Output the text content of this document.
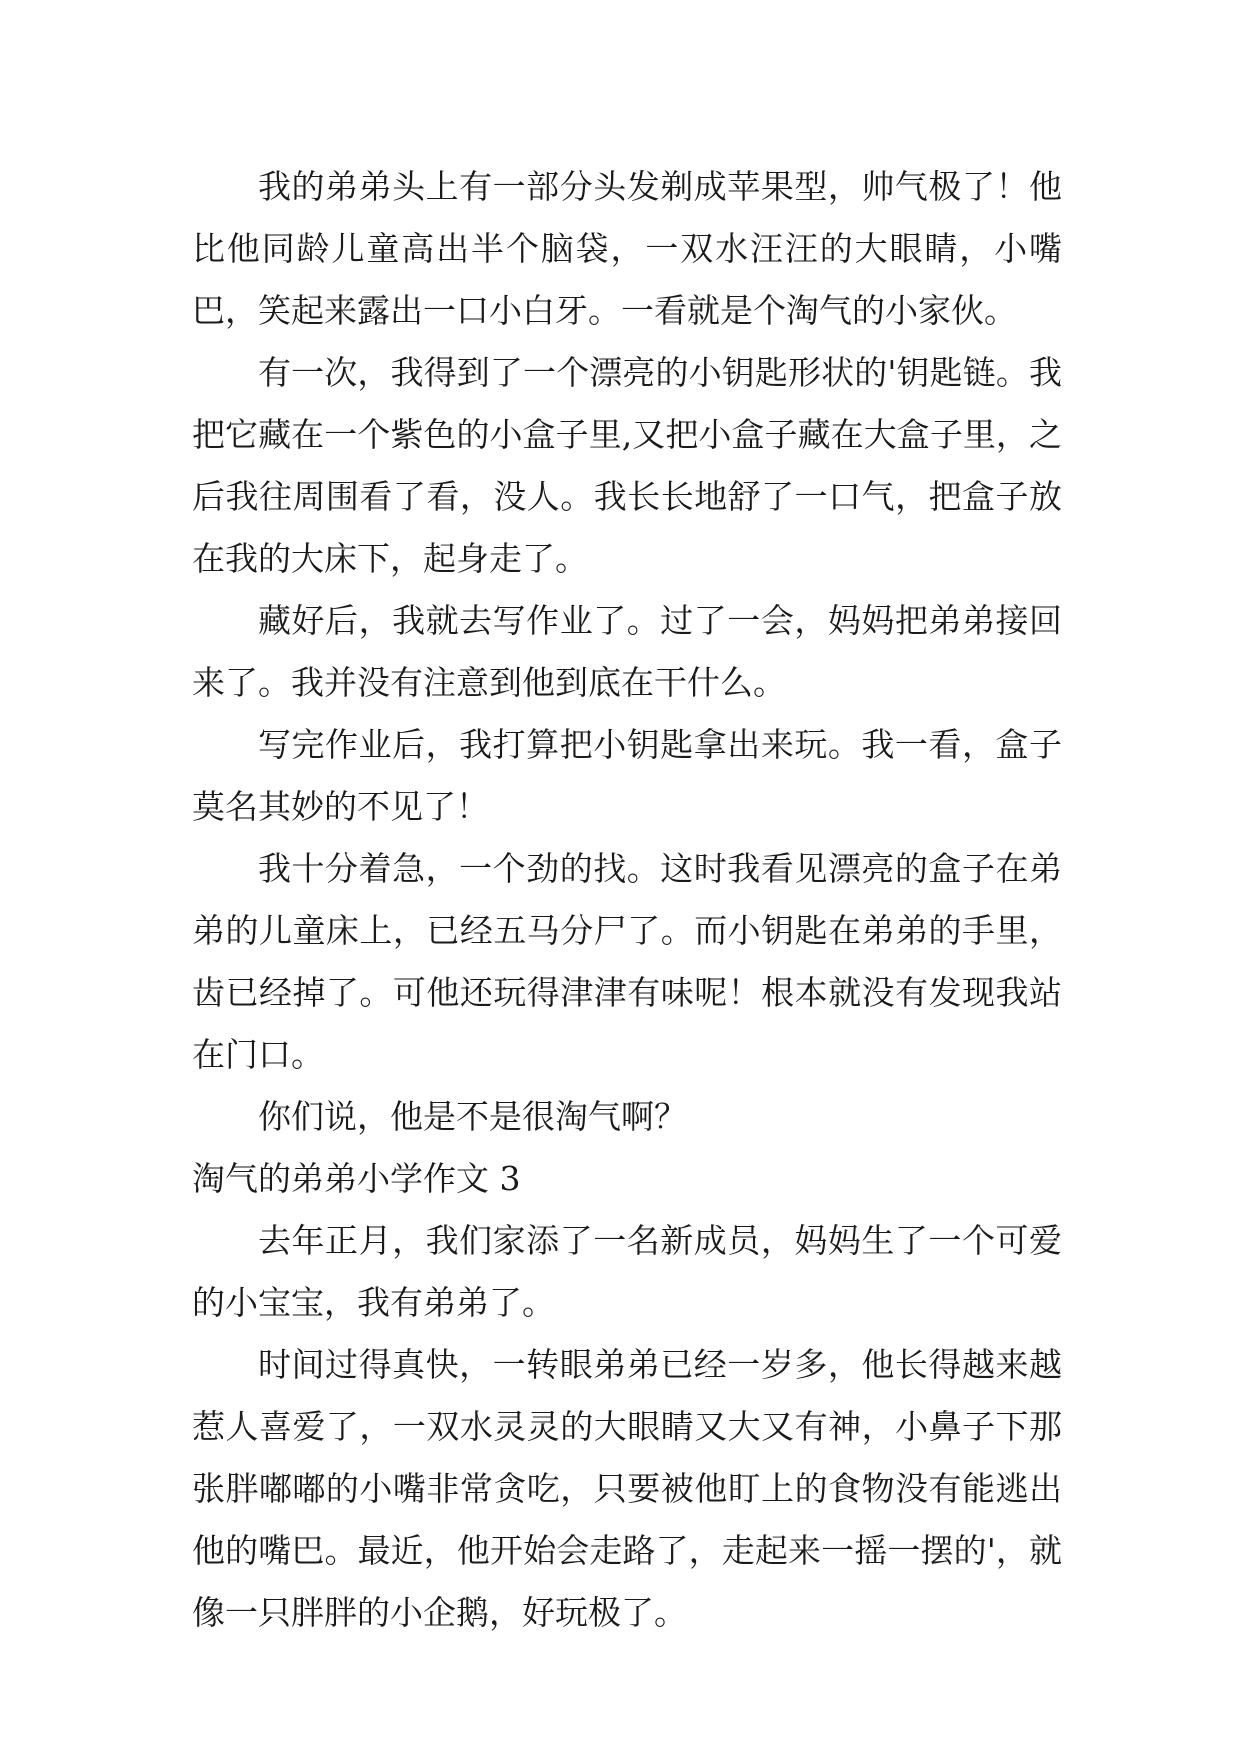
我的弟弟头上有一部分头发剃成苹果型，帅气极了！他比他同龄儿童高出半个脑袋，一双水汪汪的大眼睛，小嘴巴，笑起来露出一口小白牙。一看就是个淘气的小家伙。

有一次，我得到了一个漂亮的小钥匙形状的'钥匙链。我把它藏在一个紫色的小盒子里,又把小盒子藏在大盒子里，之后我往周围看了看，没人。我长长地舒了一口气，把盒子放在我的大床下，起身走了。

藏好后，我就去写作业了。过了一会，妈妈把弟弟接回来了。我并没有注意到他到底在干什么。

写完作业后，我打算把小钥匙拿出来玩。我一看，盒子莫名其妙的不见了！

我十分着急，一个劲的找。这时我看见漂亮的盒子在弟弟的儿童床上，已经五马分尸了。而小钥匙在弟弟的手里，齿已经掉了。可他还玩得津津有味呢！根本就没有发现我站在门口。

你们说，他是不是很淘气啊？

淘气的弟弟小学作文 3

去年正月，我们家添了一名新成员，妈妈生了一个可爱的小宝宝，我有弟弟了。

时间过得真快，一转眼弟弟已经一岁多，他长得越来越惹人喜爱了，一双水灵灵的大眼睛又大又有神，小鼻子下那张胖嘟嘟的小嘴非常贪吃，只要被他盯上的食物没有能逃出他的嘴巴。最近，他开始会走路了，走起来一摇一摆的'，就像一只胖胖的小企鹅，好玩极了。
